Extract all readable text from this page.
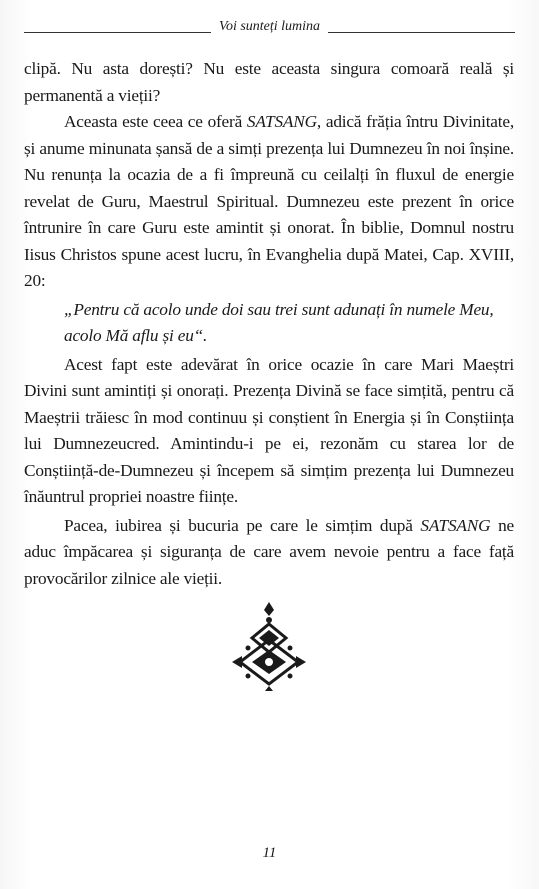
Voi sunteți lumina

clipă. Nu asta dorești? Nu este aceasta singura comoară reală și permanentă a vieții?

Aceasta este ceea ce oferă SATSANG, adică frăția întru Divinitate, și anume minunata șansă de a simți prezența lui Dumnezeu în noi înșine. Nu renunța la ocazia de a fi împreună cu ceilalți în fluxul de energie revelat de Guru, Maestrul Spiritual. Dumnezeu este prezent în orice întrunire în care Guru este amintit și onorat. În biblie, Domnul nostru Iisus Christos spune acest lucru, în Evanghelia după Matei, Cap. XVIII, 20:

„Pentru că acolo unde doi sau trei sunt adunați în numele Meu, acolo Mă aflu și eu“.

Acest fapt este adevărat în orice ocazie în care Mari Maeștri Divini sunt amintiți și onorați. Prezența Divină se face simțită, pentru că Maeștrii trăiesc în mod continuu și conștient în Energia și în Conștiința lui Dumnezeucred. Amintindu-i pe ei, rezonăm cu starea lor de Conștiință-de-Dumnezeu și începem să simțim prezența lui Dumnezeu înăuntrul propriei noastre ființe.

Pacea, iubirea și bucuria pe care le simțim după SATSANG ne aduc împăcarea și siguranța de care avem nevoie pentru a face față provocărilor zilnice ale vieții.

11
